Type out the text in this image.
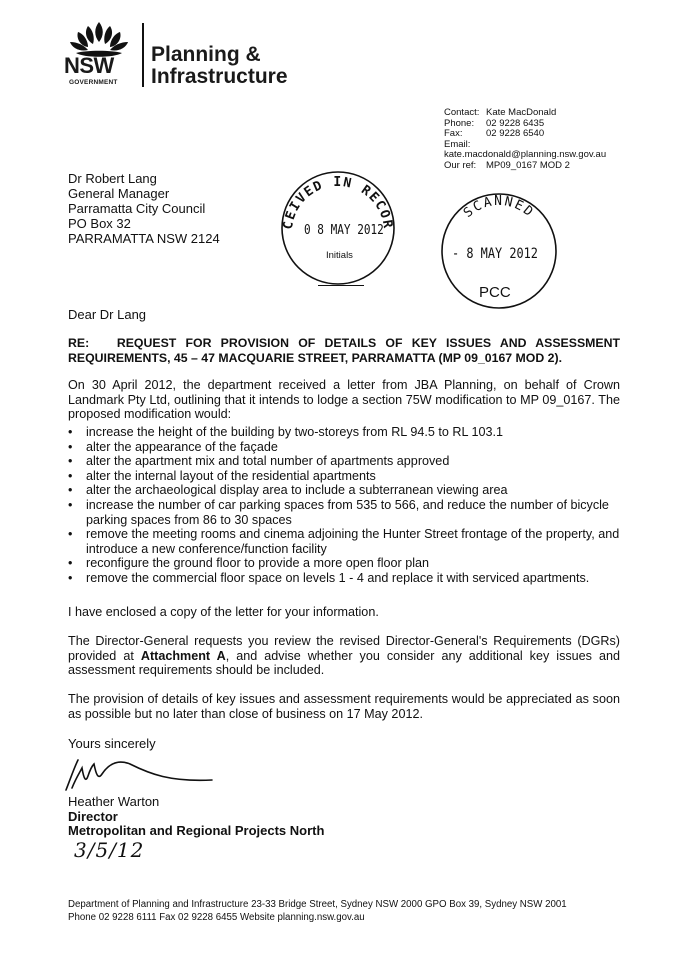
NSW
GOVERNMENT
Planning &
Infrastructure
Contact: Kate MacDonald
Phone: 02 9228 6435
Fax: 02 9228 6540
Email:
kate.macdonald@planning.nsw.gov.au
Our ref: MP09_0167 MOD 2
Dr Robert Lang
General Manager
Parramatta City Council
PO Box 32
PARRAMATTA NSW 2124
CEIVED IN RECOR
0 8 MAY 2012
Initials
SCANNED
- 8 MAY 2012
PCC
Dear Dr Lang
RE:   REQUEST FOR PROVISION OF DETAILS OF KEY ISSUES AND ASSESSMENT REQUIREMENTS, 45 – 47 MACQUARIE STREET, PARRAMATTA (MP 09_0167 MOD 2).
On 30 April 2012, the department received a letter from JBA Planning, on behalf of Crown Landmark Pty Ltd, outlining that it intends to lodge a section 75W modification to MP 09_0167. The proposed modification would:
• increase the height of the building by two-storeys from RL 94.5 to RL 103.1
• alter the appearance of the façade
• alter the apartment mix and total number of apartments approved
• alter the internal layout of the residential apartments
• alter the archaeological display area to include a subterranean viewing area
• increase the number of car parking spaces from 535 to 566, and reduce the number of bicycle parking spaces from 86 to 30 spaces
• remove the meeting rooms and cinema adjoining the Hunter Street frontage of the property, and introduce a new conference/function facility
• reconfigure the ground floor to provide a more open floor plan
• remove the commercial floor space on levels 1 - 4 and replace it with serviced apartments.
I have enclosed a copy of the letter for your information.
The Director-General requests you review the revised Director-General's Requirements (DGRs) provided at Attachment A, and advise whether you consider any additional key issues and assessment requirements should be included.
The provision of details of key issues and assessment requirements would be appreciated as soon as possible but no later than close of business on 17 May 2012.
Yours sincerely
Heather Warton
Director
Metropolitan and Regional Projects North
3/5/12
Department of Planning and Infrastructure 23-33 Bridge Street, Sydney NSW 2000 GPO Box 39, Sydney NSW 2001
Phone 02 9228 6111 Fax 02 9228 6455 Website planning.nsw.gov.au
